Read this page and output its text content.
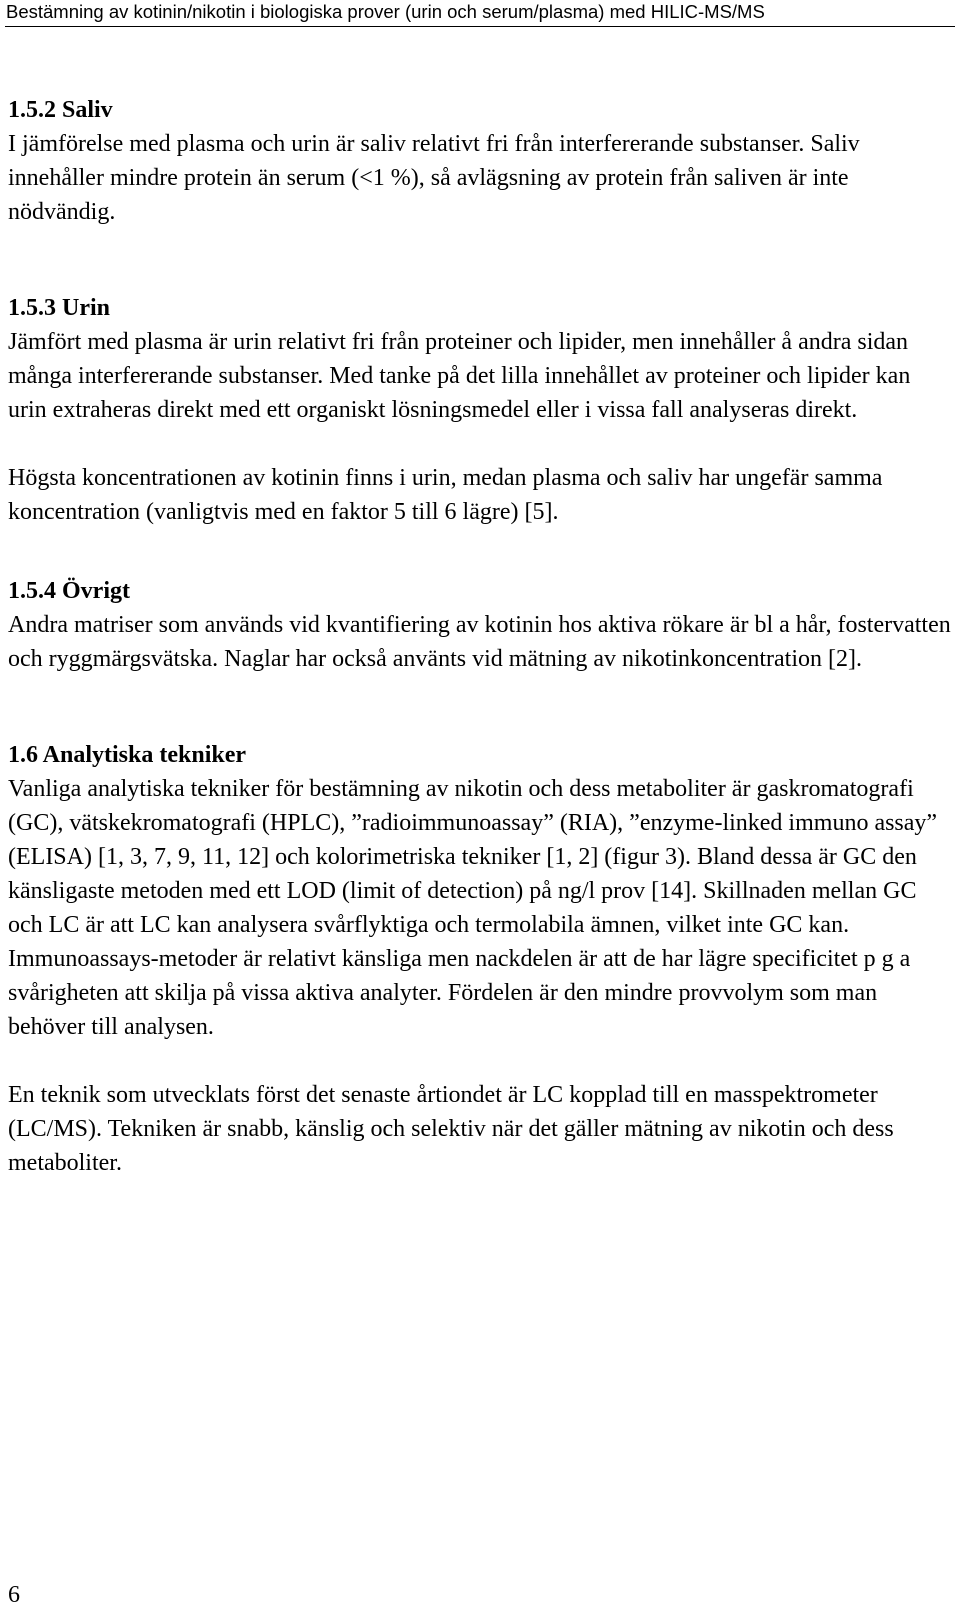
Bestämning av kotinin/nikotin i biologiska prover (urin och serum/plasma) med HILIC-MS/MS

1.5.2 Saliv

I jämförelse med plasma och urin är saliv relativt fri från interfererande substanser. Saliv innehåller mindre protein än serum (<1 %), så avlägsning av protein från saliven är inte nödvändig.

1.5.3 Urin

Jämfört med plasma är urin relativt fri från proteiner och lipider, men innehåller å andra sidan många interfererande substanser. Med tanke på det lilla innehållet av proteiner och lipider kan urin extraheras direkt med ett organiskt lösningsmedel eller i vissa fall analyseras direkt.

Högsta koncentrationen av kotinin finns i urin, medan plasma och saliv har ungefär samma koncentration (vanligtvis med en faktor 5 till 6 lägre) [5].

1.5.4 Övrigt

Andra matriser som används vid kvantifiering av kotinin hos aktiva rökare är bl a hår, fostervatten och ryggmärgsvätska. Naglar har också använts vid mätning av nikotinkoncentration [2].

1.6 Analytiska tekniker

Vanliga analytiska tekniker för bestämning av nikotin och dess metaboliter är gaskromatografi (GC), vätskekromatografi (HPLC), ”radioimmunoassay” (RIA), ”enzyme-linked immuno assay” (ELISA) [1, 3, 7, 9, 11, 12] och kolorimetriska tekniker [1, 2] (figur 3). Bland dessa är GC den känsligaste metoden med ett LOD (limit of detection) på ng/l prov [14]. Skillnaden mellan GC och LC är att LC kan analysera svårflyktiga och termolabila ämnen, vilket inte GC kan. Immunoassays-metoder är relativt känsliga men nackdelen är att de har lägre specificitet p g a svårigheten att skilja på vissa aktiva analyter. Fördelen är den mindre provvolym som man behöver till analysen.

En teknik som utvecklats först det senaste årtiondet är LC kopplad till en masspektrometer (LC/MS). Tekniken är snabb, känslig och selektiv när det gäller mätning av nikotin och dess metaboliter.

6
